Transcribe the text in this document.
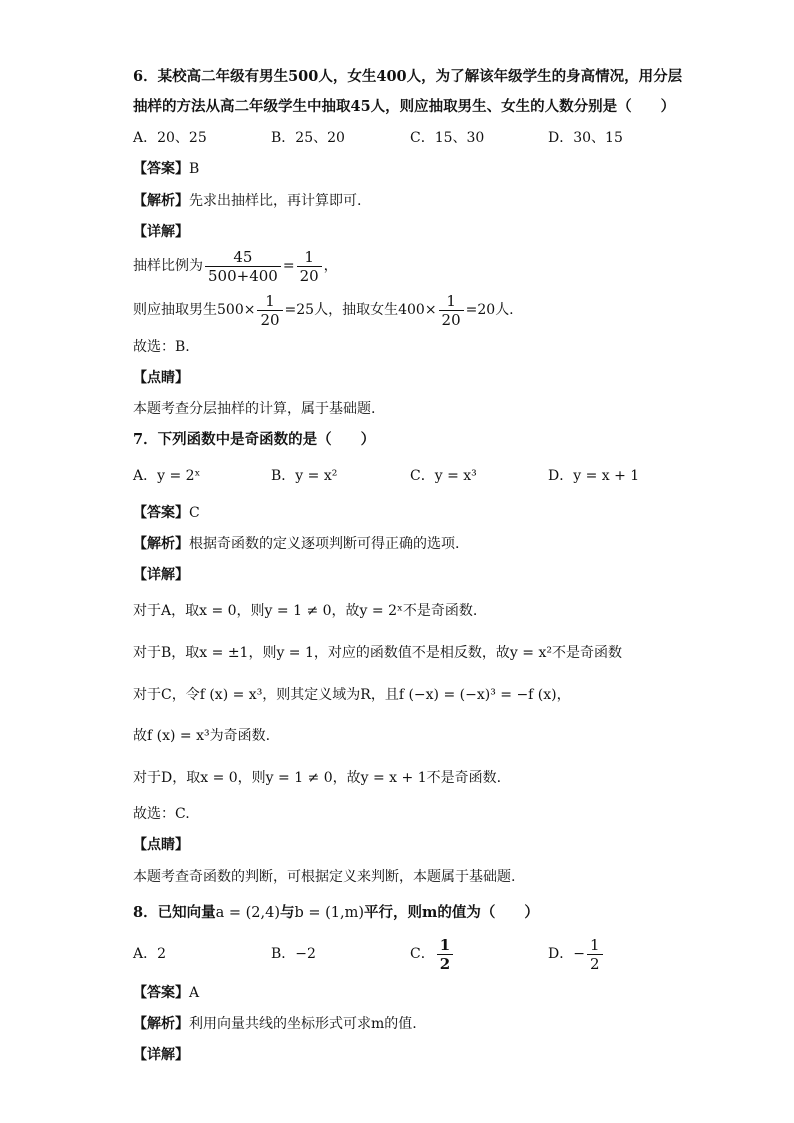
6．某校高二年级有男生500人，女生400人，为了解该年级学生的身高情况，用分层
抽样的方法从高二年级学生中抽取45人，则应抽取男生、女生的人数分别是（　　）
A．20、25	B．25、20	C．15、30	D．30、15
【答案】B
【解析】先求出抽样比，再计算即可.
【详解】
抽样比例为 $\frac{45}{500+400} = \frac{1}{20}$ ，
则应抽取男生$500\times \frac{1}{20} =25$人，抽取女生$400\times \frac{1}{20} =20$人.
故选：B.
【点睛】
本题考查分层抽样的计算，属于基础题.
7．下列函数中是奇函数的是（　　）
A．y = 2ˣ	B．y = x²	C．y = x³	D．y = x + 1
【答案】C
【解析】根据奇函数的定义逐项判断可得正确的选项.
【详解】
对于A，取x = 0，则y = 1 ≠ 0，故y = 2ˣ不是奇函数.
对于B，取x = ±1，则y = 1，对应的函数值不是相反数，故y = x²不是奇函数
对于C，令f (x) = x³，则其定义域为R，且f (−x) = (−x)³ = −f (x)，
故f (x) = x³为奇函数.
对于D，取x = 0，则y = 1 ≠ 0，故y = x + 1不是奇函数.
故选：C.
【点睛】
本题考查奇函数的判断，可根据定义来判断，本题属于基础题.
8．已知向量a = (2,4)与b = (1,m)平行，则m的值为（　　）
A．2	B．−2	C． $\frac{1}{2}$	D．− $\frac{1}{2}$
【答案】A
【解析】利用向量共线的坐标形式可求m的值.
【详解】
